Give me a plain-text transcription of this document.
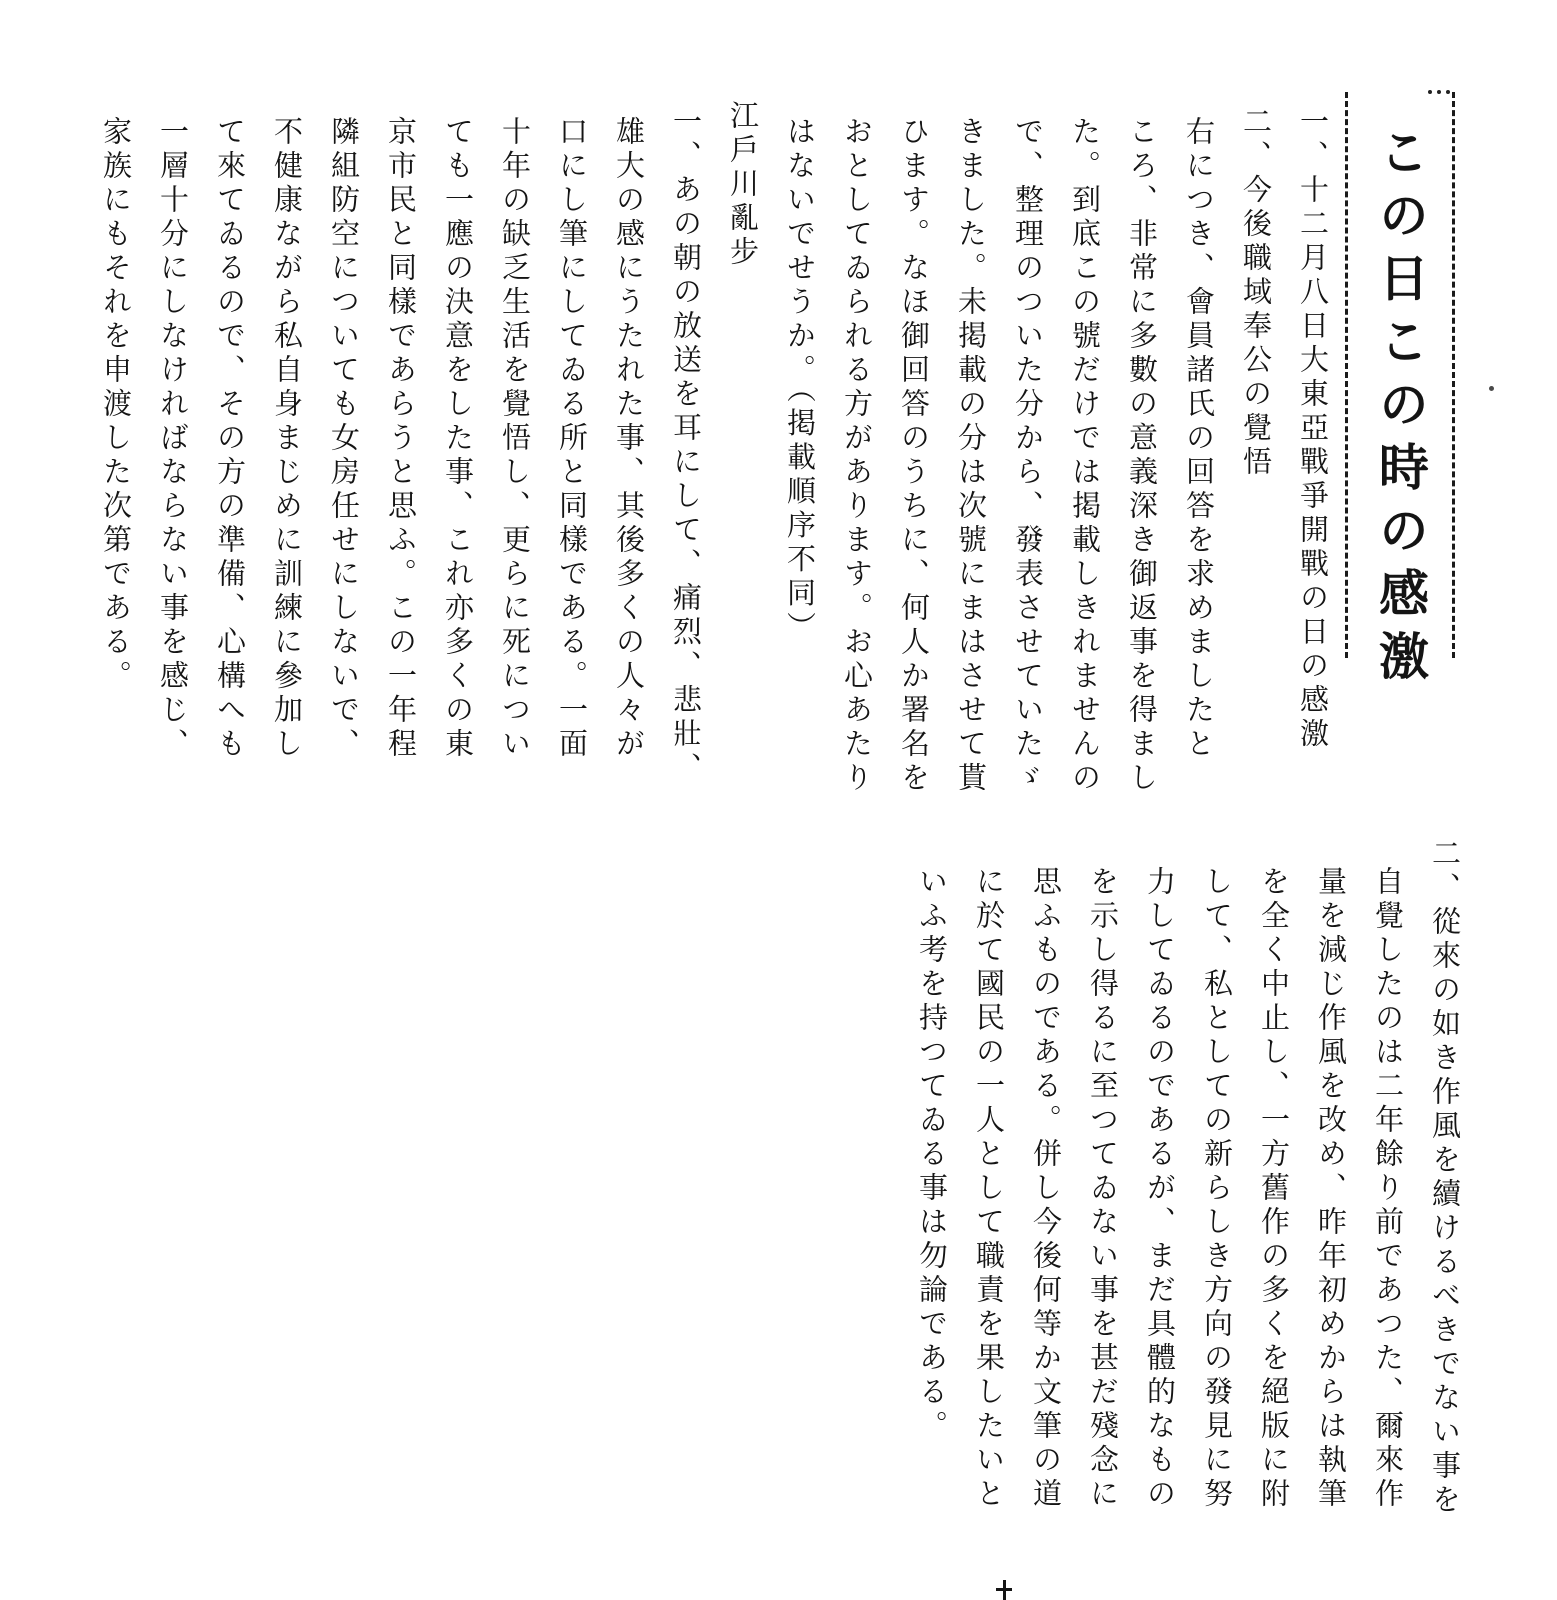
この日この時の感激
一、十二月八日大東亞戰爭開戰の日の感激
二、今後職域奉公の覺悟
右につき、會員諸氏の回答を求めましたと
ころ、非常に多數の意義深き御返事を得まし
た。到底この號だけでは掲載しきれませんの
で、整理のついた分から、發表させていたゞ
きました。未掲載の分は次號にまはさせて貰
ひます。なほ御回答のうちに、何人か署名を
おとしてゐられる方があります。お心あたり
はないでせうか。（掲載順序不同）
江戶川亂步
一、あの朝の放送を耳にして、痛烈、悲壯、
雄大の感にうたれた事、其後多くの人々が
口にし筆にしてゐる所と同樣である。一面
十年の缺乏生活を覺悟し、更らに死につい
ても一應の決意をした事、これ亦多くの東
京市民と同樣であらうと思ふ。この一年程
隣組防空についても女房任せにしないで、
不健康ながら私自身まじめに訓練に參加し
て來てゐるので、その方の準備、心構へも
一層十分にしなければならない事を感じ、
家族にもそれを申渡した次第である。
二、從來の如き作風を續けるべきでない事を
自覺したのは二年餘り前であつた、爾來作
量を減じ作風を改め、昨年初めからは執筆
を全く中止し、一方舊作の多くを絕版に附
して、私としての新らしき方向の發見に努
力してゐるのであるが、まだ具體的なもの
を示し得るに至つてゐない事を甚だ殘念に
思ふものである。併し今後何等か文筆の道
に於て國民の一人として職責を果したいと
いふ考を持つてゐる事は勿論である。
